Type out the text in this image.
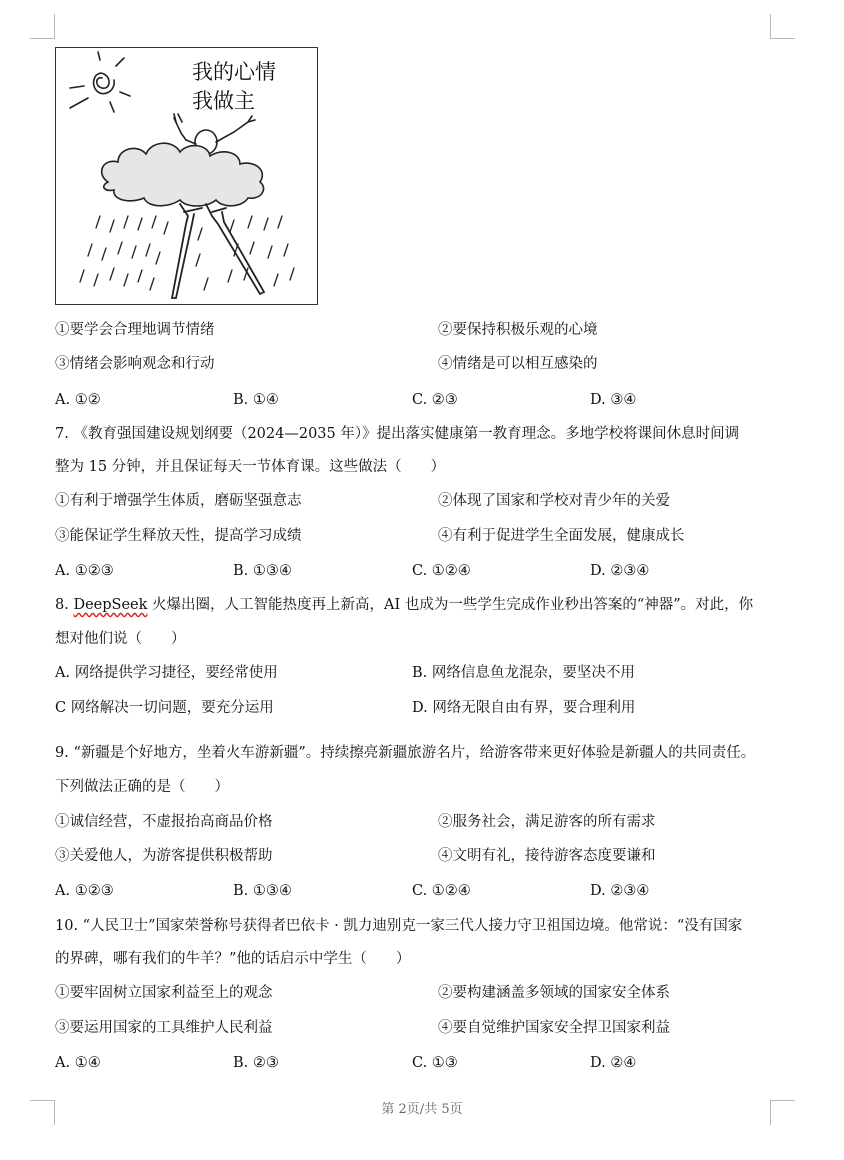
我的心情
我做主
①要学会合理地调节情绪	②要保持积极乐观的心境
③情绪会影响观念和行动	④情绪是可以相互感染的
A. ①②	B. ①④	C. ②③	D. ③④
7. 《教育强国建设规划纲要（2024—2035 年）》提出落实健康第一教育理念。多地学校将课间休息时间调
整为 15 分钟，并且保证每天一节体育课。这些做法（　　）
①有利于增强学生体质，磨砺坚强意志	②体现了国家和学校对青少年的关爱
③能保证学生释放天性，提高学习成绩	④有利于促进学生全面发展，健康成长
A. ①②③	B. ①③④	C. ①②④	D. ②③④
8. DeepSeek 火爆出圈，人工智能热度再上新高，AI 也成为一些学生完成作业秒出答案的“神器”。对此，你
想对他们说（　　）
A. 网络提供学习捷径，要经常使用	B. 网络信息鱼龙混杂，要坚决不用
C 网络解决一切问题，要充分运用	D. 网络无限自由有界，要合理利用
9. “新疆是个好地方，坐着火车游新疆”。持续擦亮新疆旅游名片，给游客带来更好体验是新疆人的共同责任。
下列做法正确的是（　　）
①诚信经营，不虚报抬高商品价格	②服务社会，满足游客的所有需求
③关爱他人，为游客提供积极帮助	④文明有礼，接待游客态度要谦和
A. ①②③	B. ①③④	C. ①②④	D. ②③④
10. “人民卫士”国家荣誉称号获得者巴依卡 · 凯力迪别克一家三代人接力守卫祖国边境。他常说：“没有国家
的界碑，哪有我们的牛羊？”他的话启示中学生（　　）
①要牢固树立国家利益至上的观念	②要构建涵盖多领域的国家安全体系
③要运用国家的工具维护人民利益	④要自觉维护国家安全捍卫国家利益
A. ①④	B. ②③	C. ①③	D. ②④
第 2页/共 5页
